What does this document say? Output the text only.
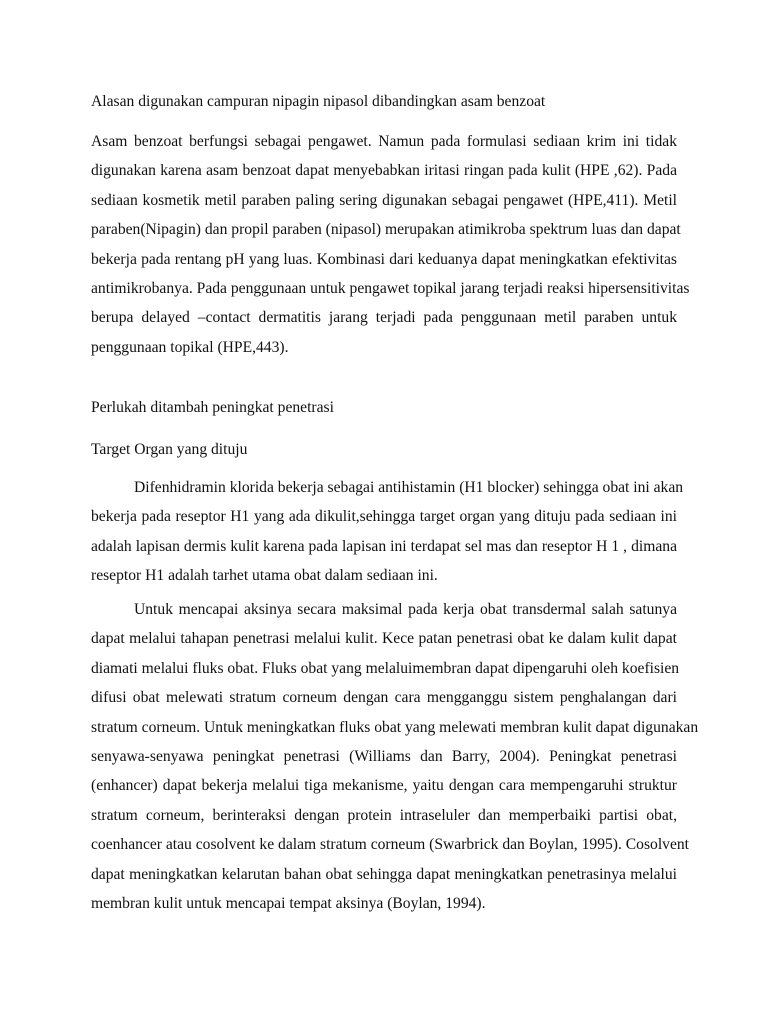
Alasan digunakan campuran nipagin nipasol dibandingkan asam benzoat

Asam benzoat berfungsi sebagai pengawet. Namun pada formulasi sediaan krim ini tidak
digunakan karena asam benzoat dapat menyebabkan iritasi ringan pada kulit (HPE ,62). Pada
sediaan kosmetik metil paraben paling sering digunakan sebagai pengawet (HPE,411). Metil
paraben(Nipagin) dan propil paraben (nipasol) merupakan atimikroba spektrum luas dan dapat
bekerja pada rentang pH yang luas. Kombinasi dari keduanya dapat meningkatkan efektivitas
antimikrobanya. Pada penggunaan untuk pengawet topikal jarang terjadi reaksi hipersensitivitas
berupa delayed –contact dermatitis jarang terjadi pada penggunaan metil paraben untuk
penggunaan topikal (HPE,443).

Perlukah ditambah peningkat penetrasi

Target Organ yang dituju

Difenhidramin klorida bekerja sebagai antihistamin (H1 blocker) sehingga obat ini akan
bekerja pada reseptor H1 yang ada dikulit,sehingga target organ yang dituju pada sediaan ini
adalah lapisan dermis kulit karena pada lapisan ini terdapat sel mas dan reseptor H 1 , dimana
reseptor H1 adalah tarhet utama obat dalam sediaan ini.
Untuk mencapai aksinya secara maksimal pada kerja obat transdermal salah satunya
dapat melalui tahapan penetrasi melalui kulit. Kece patan penetrasi obat ke dalam kulit dapat
diamati melalui fluks obat. Fluks obat yang melaluimembran dapat dipengaruhi oleh koefisien
difusi obat melewati stratum corneum dengan cara mengganggu sistem penghalangan dari
stratum corneum. Untuk meningkatkan fluks obat yang melewati membran kulit dapat digunakan
senyawa-senyawa peningkat penetrasi (Williams dan Barry, 2004). Peningkat penetrasi
(enhancer) dapat bekerja melalui tiga mekanisme, yaitu dengan cara mempengaruhi struktur
stratum corneum, berinteraksi dengan protein intraseluler dan memperbaiki partisi obat,
coenhancer atau cosolvent ke dalam stratum corneum (Swarbrick dan Boylan, 1995). Cosolvent
dapat meningkatkan kelarutan bahan obat sehingga dapat meningkatkan penetrasinya melalui
membran kulit untuk mencapai tempat aksinya (Boylan, 1994).
